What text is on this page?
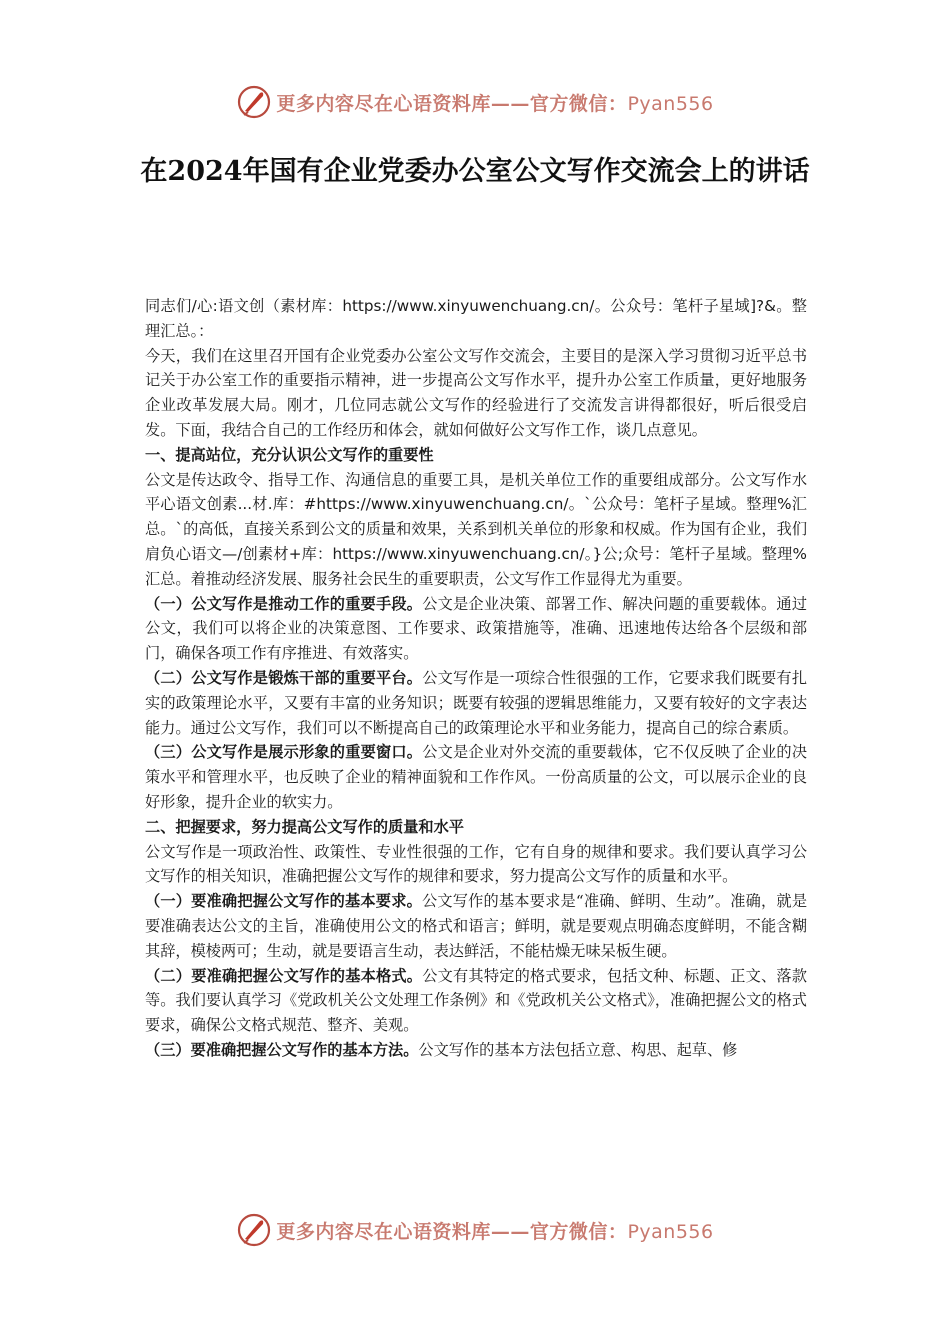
更多内容尽在心语资料库——官方微信：Pyan556
在2024年国有企业党委办公室公文写作交流会上的讲话

同志们/心:语文创（素材库：https://www.xinyuwenchuang.cn/。公众号：笔杆子星域]?&。整理汇总。：

今天，我们在这里召开国有企业党委办公室公文写作交流会，主要目的是深入学习贯彻习近平总书记关于办公室工作的重要指示精神，进一步提高公文写作水平，提升办公室工作质量，更好地服务企业改革发展大局。刚才，几位同志就公文写作的经验进行了交流发言讲得都很好，听后很受启发。下面，我结合自己的工作经历和体会，就如何做好公文写作工作，谈几点意见。

一、提高站位，充分认识公文写作的重要性

公文是传达政令、指导工作、沟通信息的重要工具，是机关单位工作的重要组成部分。公文写作水平心语文创素...材.库：#https://www.xinyuwenchuang.cn/。`公众号：笔杆子星域。整理%汇总。`的高低，直接关系到公文的质量和效果，关系到机关单位的形象和权威。作为国有企业，我们肩负心语文—/创素材+库：https://www.xinyuwenchuang.cn/。}公;众号：笔杆子星域。整理%汇总。着推动经济发展、服务社会民生的重要职责，公文写作工作显得尤为重要。

（一）公文写作是推动工作的重要手段。公文是企业决策、部署工作、解决问题的重要载体。通过公文，我们可以将企业的决策意图、工作要求、政策措施等，准确、迅速地传达给各个层级和部门，确保各项工作有序推进、有效落实。

（二）公文写作是锻炼干部的重要平台。公文写作是一项综合性很强的工作，它要求我们既要有扎实的政策理论水平，又要有丰富的业务知识；既要有较强的逻辑思维能力，又要有较好的文字表达能力。通过公文写作，我们可以不断提高自己的政策理论水平和业务能力，提高自己的综合素质。

（三）公文写作是展示形象的重要窗口。公文是企业对外交流的重要载体，它不仅反映了企业的决策水平和管理水平，也反映了企业的精神面貌和工作作风。一份高质量的公文，可以展示企业的良好形象，提升企业的软实力。

二、把握要求，努力提高公文写作的质量和水平

公文写作是一项政治性、政策性、专业性很强的工作，它有自身的规律和要求。我们要认真学习公文写作的相关知识，准确把握公文写作的规律和要求，努力提高公文写作的质量和水平。

（一）要准确把握公文写作的基本要求。公文写作的基本要求是“准确、鲜明、生动”。准确，就是要准确表达公文的主旨，准确使用公文的格式和语言；鲜明，就是要观点明确态度鲜明，不能含糊其辞，模棱两可；生动，就是要语言生动，表达鲜活，不能枯燥无味呆板生硬。

（二）要准确把握公文写作的基本格式。公文有其特定的格式要求，包括文种、标题、正文、落款等。我们要认真学习《党政机关公文处理工作条例》和《党政机关公文格式》，准确把握公文的格式要求，确保公文格式规范、整齐、美观。

（三）要准确把握公文写作的基本方法。公文写作的基本方法包括立意、构思、起草、修

更多内容尽在心语资料库——官方微信：Pyan556
